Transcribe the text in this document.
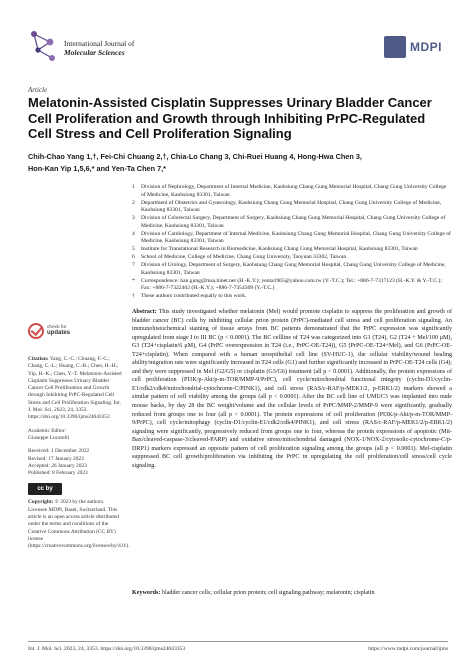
International Journal of
Molecular Sciences	MDPI
Article
Melatonin-Assisted Cisplatin Suppresses Urinary Bladder Cancer Cell Proliferation and Growth through Inhibiting PrPC-Regulated Cell Stress and Cell Proliferation Signaling
Chih-Chao Yang 1,†, Fei-Chi Chuang 2,†, Chia-Lo Chang 3, Chi-Ruei Huang 4, Hong-Hwa Chen 3,
Hon-Kan Yip 1,5,6,* and Yen-Ta Chen 7,*
1 Division of Nephrology, Department of Internal Medicine, Kaohsiung Chang Gung Memorial Hospital, Chang Gung University College of Medicine, Kaohsiung 83301, Taiwan
2 Department of Obstetrics and Gynecology, Kaohsiung Chang Gung Memorial Hospital, Chang Gung University College of Medicine, Kaohsiung 83301, Taiwan
3 Division of Colorectal Surgery, Department of Surgery, Kaohsiung Chang Gung Memorial Hospital, Chang Gung University College of Medicine, Kaohsiung 83301, Taiwan
4 Division of Cardiology, Department of Internal Medicine, Kaohsiung Chang Gung Memorial Hospital, Chang Gung University College of Medicine, Kaohsiung 83301, Taiwan
5 Institute for Translational Research in Biomedicine, Kaohsiung Chang Gung Memorial Hospital, Kaohsiung 83301, Taiwan
6 School of Medicine, College of Medicine, Chang Gung University, Taoyuan 33302, Taiwan
7 Division of Urology, Department of Surgery, Kaohsiung Chang Gung Memorial Hospital, Chang Gung University College of Medicine, Kaohsiung 83301, Taiwan
* Correspondence: han.gung@msa.hinet.net (H.-K.Y.); yenta1965@yahoo.com.tw (Y.-T.C.); Tel.: +886-7-7317123 (H.-K.Y. & Y.-T.C.); Fax: +886-7-7322402 (H.-K.Y.); +886-7-7354309 (Y.-T.C.)
† These authors contributed equally to this work.
check for
updates
Citation: Yang, C.-C.; Chuang, F.-C.; Chang, C.-L.; Huang, C.-R.; Chen, H.-H.; Yip, H.-K.; Chen, Y.-T. Melatonin-Assisted Cisplatin Suppresses Urinary Bladder Cancer Cell Proliferation and Growth through Inhibiting PrPC-Regulated Cell Stress and Cell Proliferation Signaling. Int. J. Mol. Sci. 2023, 24, 3353. https://doi.org/10.3390/ijms24043353
Academic Editor:
Giuseppe Lucarelli
Received: 1 December 2022
Revised: 17 January 2023
Accepted: 26 January 2023
Published: 8 February 2023
cc by
Copyright: © 2023 by the authors. Licensee MDPI, Basel, Switzerland. This article is an open access article distributed under the terms and conditions of the Creative Commons Attribution (CC BY) license (https://creativecommons.org/licenses/by/4.0/).
Abstract: This study investigated whether melatonin (Mel) would promote cisplatin to suppress the proliferation and growth of bladder cancer (BC) cells by inhibiting cellular prion protein (PrPC)-mediated cell stress and cell proliferation signaling. An immunohistochemical staining of tissue arrays from BC patients demonstrated that the PrPC expression was significantly upregulated from stage I to III BC (p < 0.0001). The BC cellline of T24 was categorized into G1 (T24), G2 (T24 + Mel/100 μM), G3 (T24+cisplatin/6 μM), G4 (PrPC overexpression in T24 (i.e., PrPC-OE-T24)), G5 (PrPC-OE-T24+Mel), and G6 (PrPC-OE-T24+cisplatin). When compared with a human uroepithelial cell line (SV-HUC-1), the cellular viability/wound healing ability/migration rate were significantly increased in T24 cells (G1) and further significantly increased in PrPC-OE-T24 cells (G4); and they were suppressed in Mel (G2/G5) or cisplatin (G3/G6) treatment (all p < 0.0001). Additionally, the protein expressions of cell proliferation (PI3K/p-Akt/p-m-TOR/MMP-9/PrPC), cell cycle/mitochondrial functional integrity (cyclin-D1/cyclin-E1/cdk2/cdk4/mitochondrial-cytochrome-C/PINK1), and cell stress (RAS/c-RAF/p-MEK1/2, p-ERK1/2) markers showed a similar pattern of cell viability among the groups (all p < 0.0001). After the BC cell line of UMUC3 was implanted into nude mouse backs, by day 28 the BC weight/volume and the cellular levels of PrPC/MMP-2/MMP-9 were significantly, gradually reduced from groups one to four (all p < 0.0001). The protein expressions of cell proliferation (PI3K/p-Akt/p-m-TOR/MMP-9/PrPC), cell cycle/mitophagy (cyclin-D1/cyclin-E1/cdk2/cdk4/PINK1), and cell stress (RAS/c-RAF/p-MEK1/2/p-ERK1/2) signaling were significantly, progressively reduced from groups one to four, whereas the protein expressions of apoptotic (Mit-Bax/cleaved-caspase-3/cleaved-PARP) and oxidative stress/mitochondrial damaged (NOX-1/NOX-2/cytosolic-cytochrome-C/p-DRP1) markers expressed an opposite pattern of cell proliferation signaling among the groups (all p < 0.0001). Mel-cisplatin suppressed BC cell growth/proliferation via inhibiting the PrPC in upregulating the cell proliferation/cell stress/cell cycle signaling.
Keywords: bladder cancer cells; cellular prion protein; cell signaling pathway; melatonin; cisplatin
Int. J. Mol. Sci. 2023, 24, 3353. https://doi.org/10.3390/ijms24043353	https://www.mdpi.com/journal/ijms
